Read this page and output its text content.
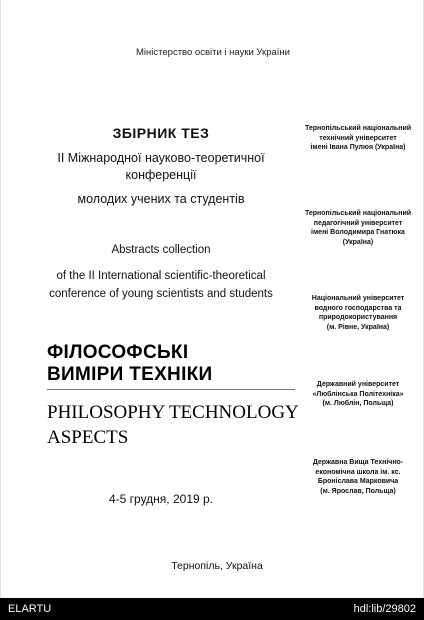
Міністерство освіти і науки України
ЗБІРНИК ТЕЗ
II Міжнародної науково-теоретичної
конференції
молодих учених та студентів
Abstracts collection
of the II International scientific-theoretical
conference of young scientists and students
ФІЛОСОФСЬКІ
ВИМІРИ ТЕХНІКИ
PHILOSOPHY TECHNOLOGY
ASPECTS
4-5 грудня, 2019 р.
Тернопіль, Україна
Тернопільський національний
технічний університет
імені Івана Пулюя (Україна)
Тернопільський національний
педагогічний університет
імені Володимира Гнатюка
(Україна)
Національний університет
водного господарства та
природокористування
(м. Рівне, Україна)
Державний університет
«Люблінська Політехніка»
(м. Люблін, Польща)
Державна Вища Технічно-
економічна школа ім. кс.
Броніслава Марковича
(м. Ярослав, Польща)
ELARTU	hdl:lib/29802
